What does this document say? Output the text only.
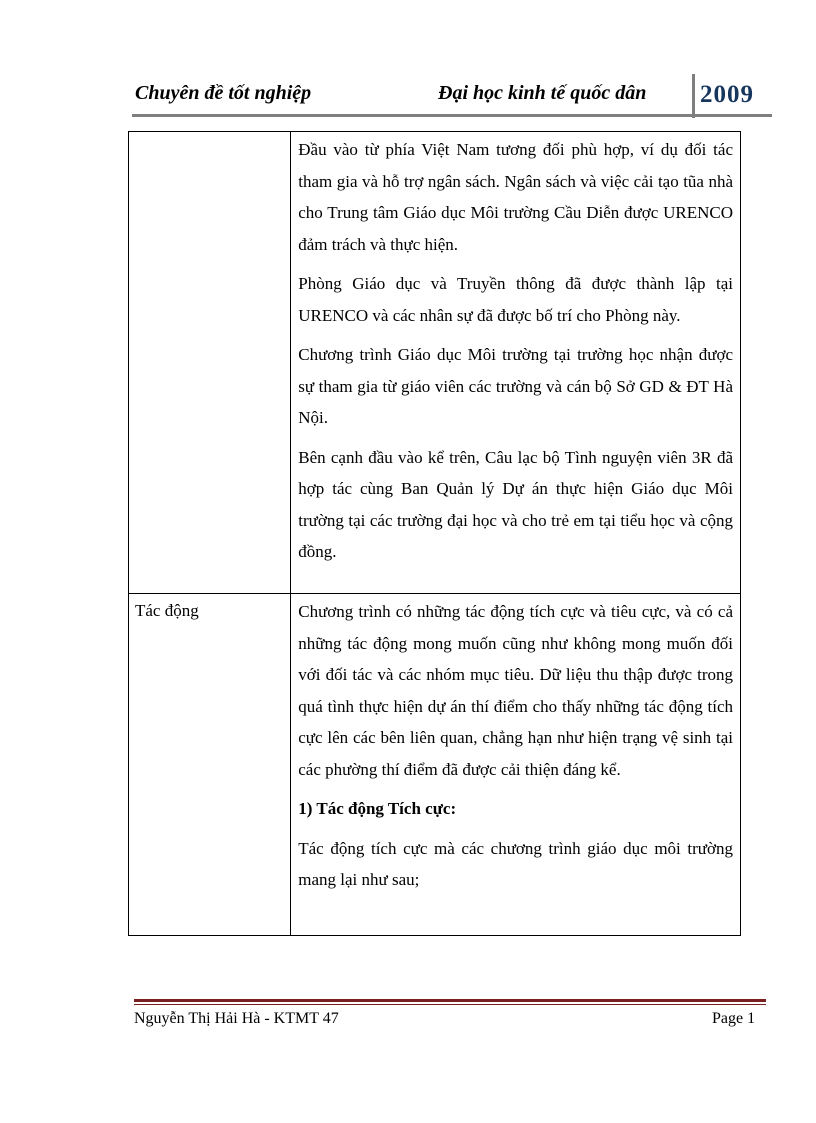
Chuyên đề tốt nghiệp	Đại học kinh tế quốc dân 2009

	Đầu vào từ phía Việt Nam tương đối phù hợp, ví dụ đối tác tham gia và hỗ trợ ngân sách. Ngân sách và việc cải tạo tũa nhà cho Trung tâm Giáo dục Môi trường Cầu Diễn được URENCO đảm trách và thực hiện.

Phòng Giáo dục và Truyền thông đã được thành lập tại URENCO và các nhân sự đã được bố trí cho Phòng này.

Chương trình Giáo dục Môi trường tại trường học nhận được sự tham gia từ giáo viên các trường và cán bộ Sở GD & ĐT Hà Nội.

Bên cạnh đầu vào kể trên, Câu lạc bộ Tình nguyện viên 3R đã hợp tác cùng Ban Quản lý Dự án thực hiện Giáo dục Môi trường tại các trường đại học và cho trẻ em tại tiểu học và cộng đồng.

Tác động	Chương trình có những tác động tích cực và tiêu cực, và có cả những tác động mong muốn cũng như không mong muốn đối với đối tác và các nhóm mục tiêu. Dữ liệu thu thập được trong quá tình thực hiện dự án thí điểm cho thấy những tác động tích cực lên các bên liên quan, chẳng hạn như hiện trạng vệ sinh tại các phường thí điểm đã được cải thiện đáng kể.

1) Tác động Tích cực:

Tác động tích cực mà các chương trình giáo dục môi trường mang lại như sau;

Nguyễn Thị Hải Hà - KTMT 47	Page 1
